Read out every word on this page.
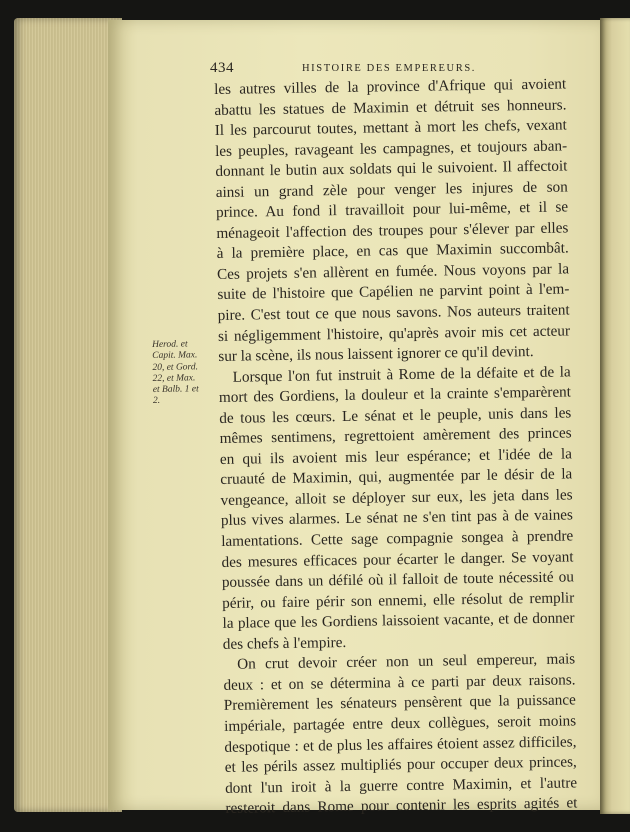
434	HISTOIRE DES EMPEREURS.
Herod. et
Capit. Max.
20, et Gord.
22, et Max.
et Balb. 1 et
2.
les autres villes de la province d'Afrique qui avoient
abattu les statues de Maximin et détruit ses honneurs.
Il les parcourut toutes, mettant à mort les chefs, vexant
les peuples, ravageant les campagnes, et toujours aban-
donnant le butin aux soldats qui le suivoient. Il affectoit
ainsi un grand zèle pour venger les injures de son
prince. Au fond il travailloit pour lui-même, et il se
ménageoit l'affection des troupes pour s'élever par elles
à la première place, en cas que Maximin succombât.
Ces projets s'en allèrent en fumée. Nous voyons par la
suite de l'histoire que Capélien ne parvint point à l'em-
pire. C'est tout ce que nous savons. Nos auteurs traitent
si négligemment l'histoire, qu'après avoir mis cet acteur
sur la scène, ils nous laissent ignorer ce qu'il devint.
Lorsque l'on fut instruit à Rome de la défaite et de la
mort des Gordiens, la douleur et la crainte s'emparèrent
de tous les cœurs. Le sénat et le peuple, unis dans les
mêmes sentimens, regrettoient amèrement des princes
en qui ils avoient mis leur espérance; et l'idée de la
cruauté de Maximin, qui, augmentée par le désir de la
vengeance, alloit se déployer sur eux, les jeta dans les
plus vives alarmes. Le sénat ne s'en tint pas à de vaines
lamentations. Cette sage compagnie songea à prendre
des mesures efficaces pour écarter le danger. Se voyant
poussée dans un défilé où il falloit de toute nécessité ou
périr, ou faire périr son ennemi, elle résolut de remplir
la place que les Gordiens laissoient vacante, et de donner
des chefs à l'empire.
On crut devoir créer non un seul empereur, mais
deux : et on se détermina à ce parti par deux raisons.
Premièrement les sénateurs pensèrent que la puissance
impériale, partagée entre deux collègues, seroit moins
despotique : et de plus les affaires étoient assez difficiles,
et les périls assez multipliés pour occuper deux princes,
dont l'un iroit à la guerre contre Maximin, et l'autre
resteroit dans Rome pour contenir les esprits agités et
